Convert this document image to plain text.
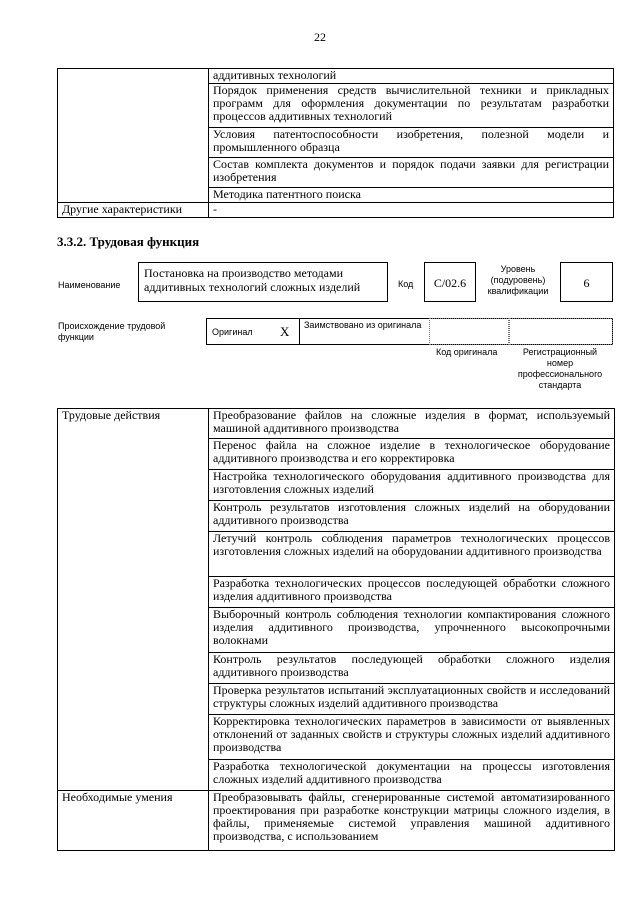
22
	аддитивных технологий
	Порядок применения средств вычислительной техники и прикладных программ для оформления документации по результатам разработки процессов аддитивных технологий
	Условия патентоспособности изобретения, полезной модели и промышленного образца
	Состав комплекта документов и порядок подачи заявки для регистрации изобретения
	Методика патентного поиска
Другие характеристики	-
3.3.2. Трудовая функция
Наименование
Постановка на производство методами аддитивных технологий сложных изделий	Код	C/02.6
Уровень (подуровень) квалификации
6
Происхождение трудовой функции	Оригинал X Заимствовано из оригинала
Код оригинала	Регистрационный номер профессионального стандарта
Трудовые действия	Преобразование файлов на сложные изделия в формат, используемый машиной аддитивного производства
	Перенос файла на сложное изделие в технологическое оборудование аддитивного производства и его корректировка
	Настройка технологического оборудования аддитивного производства для изготовления сложных изделий
	Контроль результатов изготовления сложных изделий на оборудовании аддитивного производства
	Летучий контроль соблюдения параметров технологических процессов изготовления сложных изделий на оборудовании аддитивного производства
	Разработка технологических процессов последующей обработки сложного изделия аддитивного производства
	Выборочный контроль соблюдения технологии компактирования сложного изделия аддитивного производства, упрочненного высокопрочными волокнами
	Контроль результатов последующей обработки сложного изделия аддитивного производства
	Проверка результатов испытаний эксплуатационных свойств и исследований структуры сложных изделий аддитивного производства
	Корректировка технологических параметров в зависимости от выявленных отклонений от заданных свойств и структуры сложных изделий аддитивного производства
	Разработка технологической документации на процессы изготовления сложных изделий аддитивного производства
Необходимые умения	Преобразовывать файлы, сгенерированные системой автоматизированного проектирования при разработке конструкции матрицы сложного изделия, в файлы, применяемые системой управления машиной аддитивного производства, с использованием
